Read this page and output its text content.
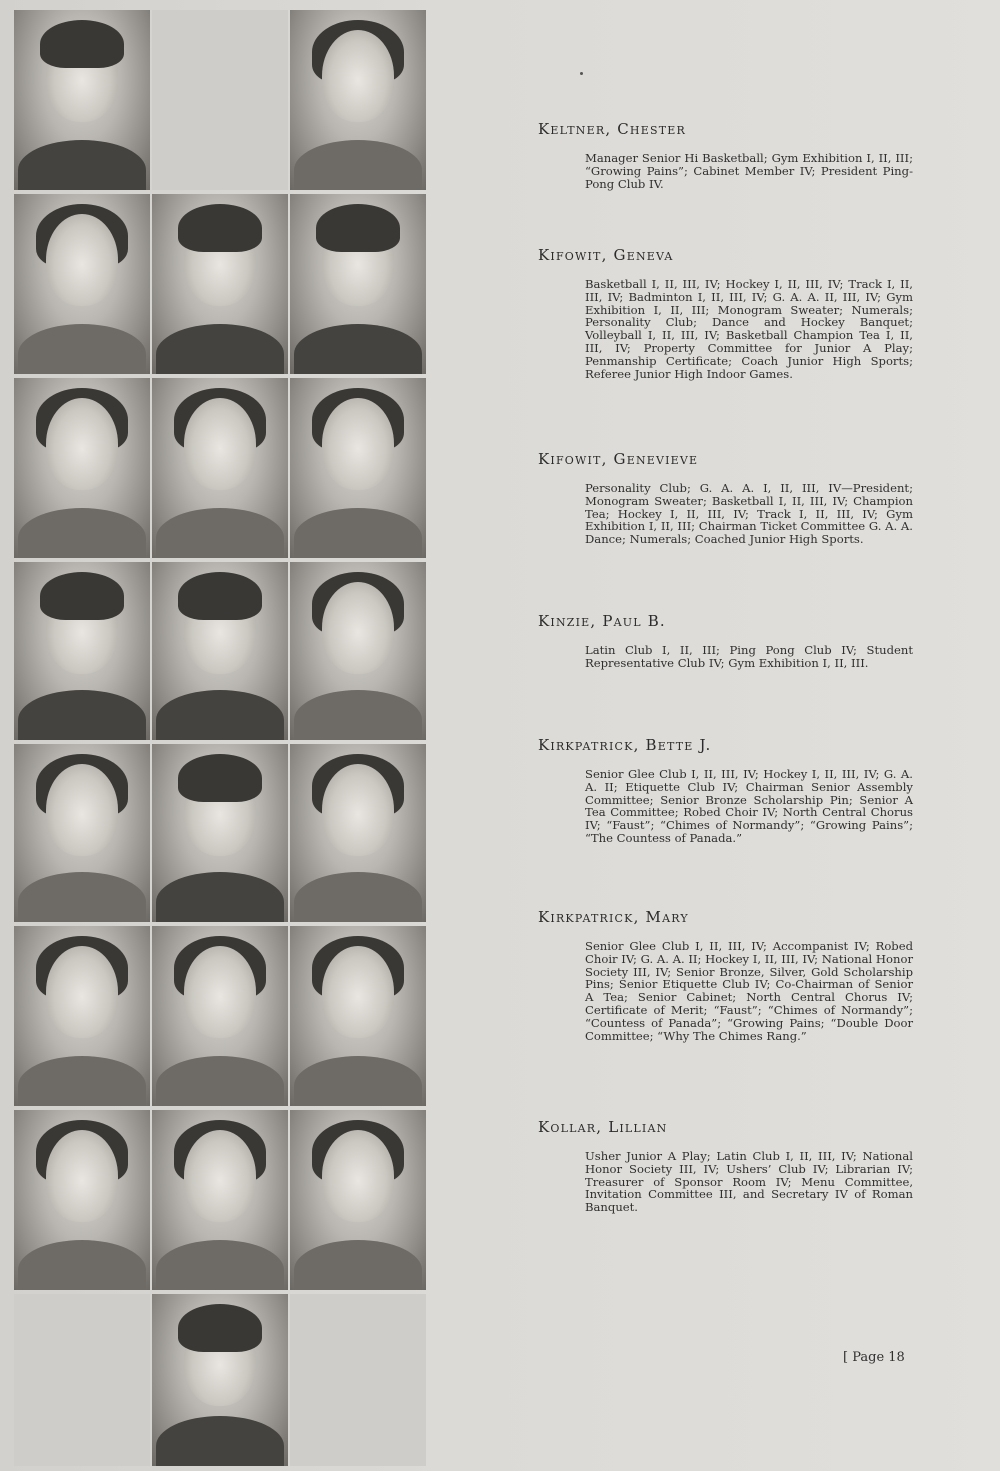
Keltner, Chester
Manager Senior Hi Basketball; Gym Exhibition I, II, III; “Growing Pains”; Cabinet Member IV; President Ping-Pong Club IV.
Kifowit, Geneva
Basketball I, II, III, IV; Hockey I, II, III, IV; Track I, II, III, IV; Badminton I, II, III, IV; G. A. A. II, III, IV; Gym Exhibition I, II, III; Monogram Sweater; Numerals; Personality Club; Dance and Hockey Banquet; Volleyball I, II, III, IV; Basketball Champion Tea I, II, III, IV; Property Committee for Junior A Play; Penmanship Certificate; Coach Junior High Sports; Referee Junior High Indoor Games.
Kifowit, Genevieve
Personality Club; G. A. A. I, II, III, IV—President; Monogram Sweater; Basketball I, II, III, IV; Champion Tea; Hockey I, II, III, IV; Track I, II, III, IV; Gym Exhibition I, II, III; Chairman Ticket Committee G. A. A. Dance; Numerals; Coached Junior High Sports.
Kinzie, Paul B.
Latin Club I, II, III; Ping Pong Club IV; Student Representative Club IV; Gym Exhibition I, II, III.
Kirkpatrick, Bette J.
Senior Glee Club I, II, III, IV; Hockey I, II, III, IV; G. A. A. II; Etiquette Club IV; Chairman Senior Assembly Committee; Senior Bronze Scholarship Pin; Senior A Tea Committee; Robed Choir IV; North Central Chorus IV; “Faust”; “Chimes of Normandy”; “Growing Pains”; “The Countess of Panada.”
Kirkpatrick, Mary
Senior Glee Club I, II, III, IV; Accompanist IV; Robed Choir IV; G. A. A. II; Hockey I, II, III, IV; National Honor Society III, IV; Senior Bronze, Silver, Gold Scholarship Pins; Senior Etiquette Club IV; Co-Chairman of Senior A Tea; Senior Cabinet; North Central Chorus IV; Certificate of Merit; “Faust”; “Chimes of Normandy”; “Countess of Panada”; “Growing Pains; “Double Door Committee; “Why The Chimes Rang.”
Kollar, Lillian
Usher Junior A Play; Latin Club I, II, III, IV; National Honor Society III, IV; Ushers’ Club IV; Librarian IV; Treasurer of Sponsor Room IV; Menu Committee, Invitation Committee III, and Secretary IV of Roman Banquet.
[ Page 18
